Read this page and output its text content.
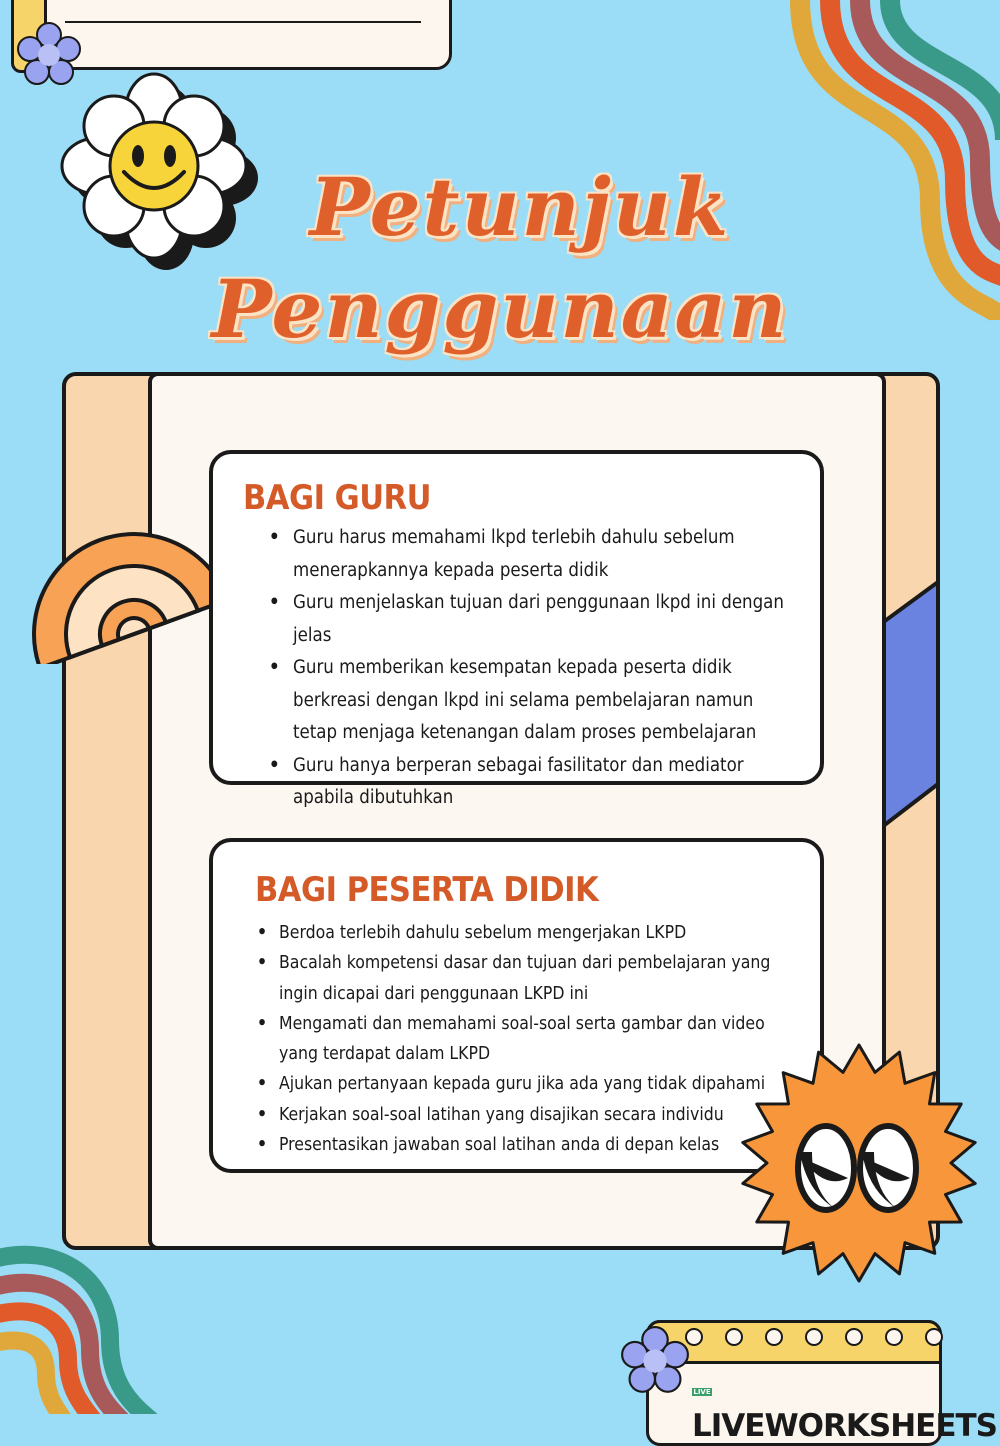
Petunjuk
Penggunaan
BAGI GURU
• Guru harus memahami lkpd terlebih dahulu sebelum menerapkannya kepada peserta didik
• Guru menjelaskan tujuan dari penggunaan lkpd ini dengan jelas
• Guru memberikan kesempatan kepada peserta didik berkreasi dengan lkpd ini selama pembelajaran namun tetap menjaga ketenangan dalam proses pembelajaran
• Guru hanya berperan sebagai fasilitator dan mediator apabila dibutuhkan
BAGI PESERTA DIDIK
• Berdoa terlebih dahulu sebelum mengerjakan LKPD
• Bacalah kompetensi dasar dan tujuan dari pembelajaran yang ingin dicapai dari penggunaan LKPD ini
• Mengamati dan memahami soal-soal serta gambar dan video yang terdapat dalam LKPD
• Ajukan pertanyaan kepada guru jika ada yang tidak dipahami
• Kerjakan soal-soal latihan yang disajikan secara individu
• Presentasikan jawaban soal latihan anda di depan kelas
LIVELIVEWORKSHEETS
